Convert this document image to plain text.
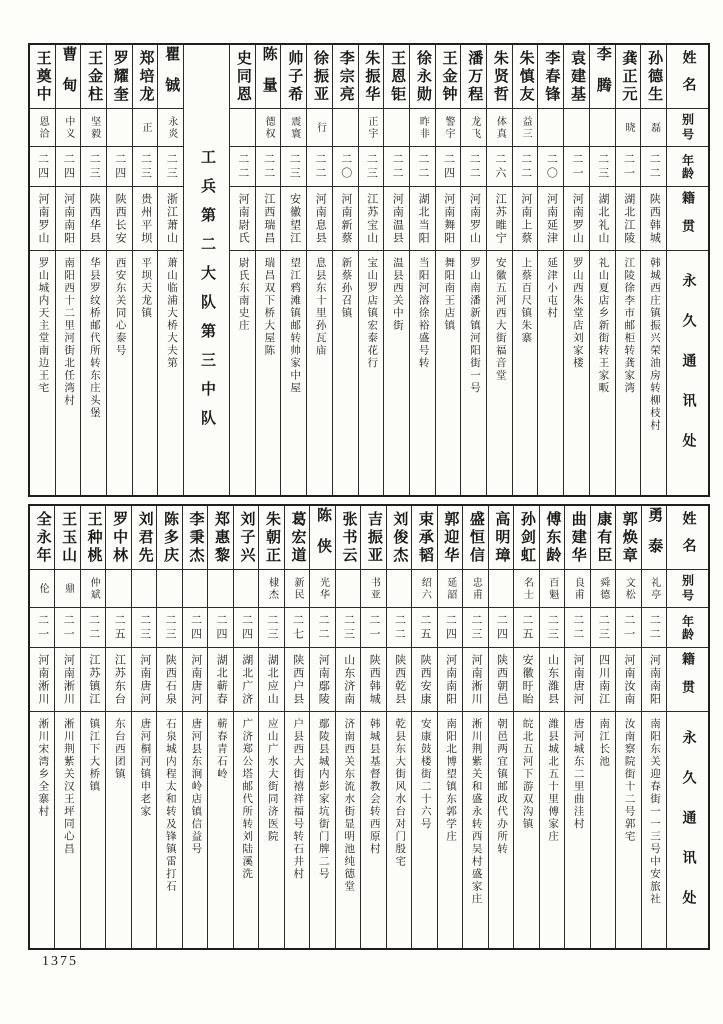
姓名
别号
年龄
籍贯
永久通讯处
孙德生
磊
二二
陕西韩城
韩城西庄镇振兴荣油房转柳枝村
龚正元
晓
二一
湖北江陵
江陵徐李市邮柜转龚家湾
李腾
二三
湖北礼山
礼山夏店乡新街转王家畈
袁建基
二一
河南罗山
罗山西朱堂店刘家楼
李春锋
二〇
河南延津
延津小屯村
朱慎友
益三
二二
河南上蔡
上蔡百尺镇朱寨
朱贤哲
体真
二六
江苏睢宁
安徽五河西大街福音堂
潘万程
龙飞
二二
河南罗山
罗山南潘新镇河阳街一号
王金钟
警宇
二四
河南舞阳
舞阳南王店镇
徐永勋
昨非
二二
湖北当阳
当阳河溶徐裕盛号转
王恩钜
二二
河南温县
温县西关中街
朱振华
正宇
二三
江苏宝山
宝山罗店镇宏泰花行
李宗亮
二〇
河南新蔡
新蔡孙召镇
徐振亚
行
二二
河南息县
息县东十里孙瓦庙
帅子希
震寰
二三
安徽望江
望江鸦滩镇邮转帅家中屋
陈量
德权
二二
江西瑞昌
瑞昌双下桥大屋陈
史同恩
二二
河南尉氏
尉氏东南史庄
工兵第二大队第三中队
瞿铖
永炎
二三
浙江萧山
萧山临浦大桥大夫第
郑培龙
正
二三
贵州平坝
平坝天龙镇
罗耀奎
二四
陕西长安
西安东关同心泰号
王金柱
坚毅
二三
陕西华县
华县罗纹桥邮代所转东庄头堡
曹甸
中义
二四
河南南阳
南阳西十二里河街北任湾村
王奠中
恩洽
二四
河南罗山
罗山城内天主堂南边王宅
姓名
别号
年龄
籍贯
永久通讯处
勇泰
礼亭
二二
河南南阳
南阳东关迎春街一一三号中安旅社
郭焕章
文松
二一
河南汝南
汝南察院街十二号郭宅
康有臣
舜德
二三
四川南江
南江长池
曲建华
良甫
二二
河南唐河
唐河城东二里曲洼村
傅东龄
百魁
二三
山东潍县
潍县城北五十里傅家庄
孙剑虹
名士
二五
安徽盱眙
皖北五河下游双沟镇
高明璋
二四
陕西朝邑
朝邑两宜镇邮政代办所转
盛恒信
忠甫
二三
河南淅川
淅川荆紫关和盛永转西吴村盛家庄
郭迎华
延韶
二四
河南南阳
南阳北博望镇东郭学庄
束承韬
绍六
二五
陕西安康
安康鼓楼街二十六号
刘俊杰
二二
陕西乾县
乾县东大街风水台对门殷宅
吉振亚
书亚
二一
陕西韩城
韩城县基督教会转西原村
张书云
二三
山东济南
济南西关东流水街显明池纯德堂
陈侠
光华
二二
河南鄢陵
鄢陵县城内彭家坑街门牌二号
葛宏道
新民
二七
陕西户县
户县西大街禧祥福号转石井村
朱朝正
棣杰
二三
湖北应山
应山广水大街同济医院
刘子兴
二四
湖北广济
广济郑公塔邮代所转刘陆溪洗
郑惠黎
二四
湖北蕲春
蕲春青石岭
李秉杰
二四
河南唐河
唐河县东涧岭店镇信益号
陈多庆
二三
陕西石泉
石泉城内程太和转及锋镇雷打石
刘君先
二三
河南唐河
唐河桐河镇申老家
罗中林
二五
江苏东台
东台西团镇
王种桃
仲斌
二二
江苏镇江
镇江下大桥镇
王玉山
鼎
二一
河南淅川
淅川荆紫关汉王坪同心昌
全永年
伦
二一
河南淅川
淅川宋湾乡全寨村
1375
